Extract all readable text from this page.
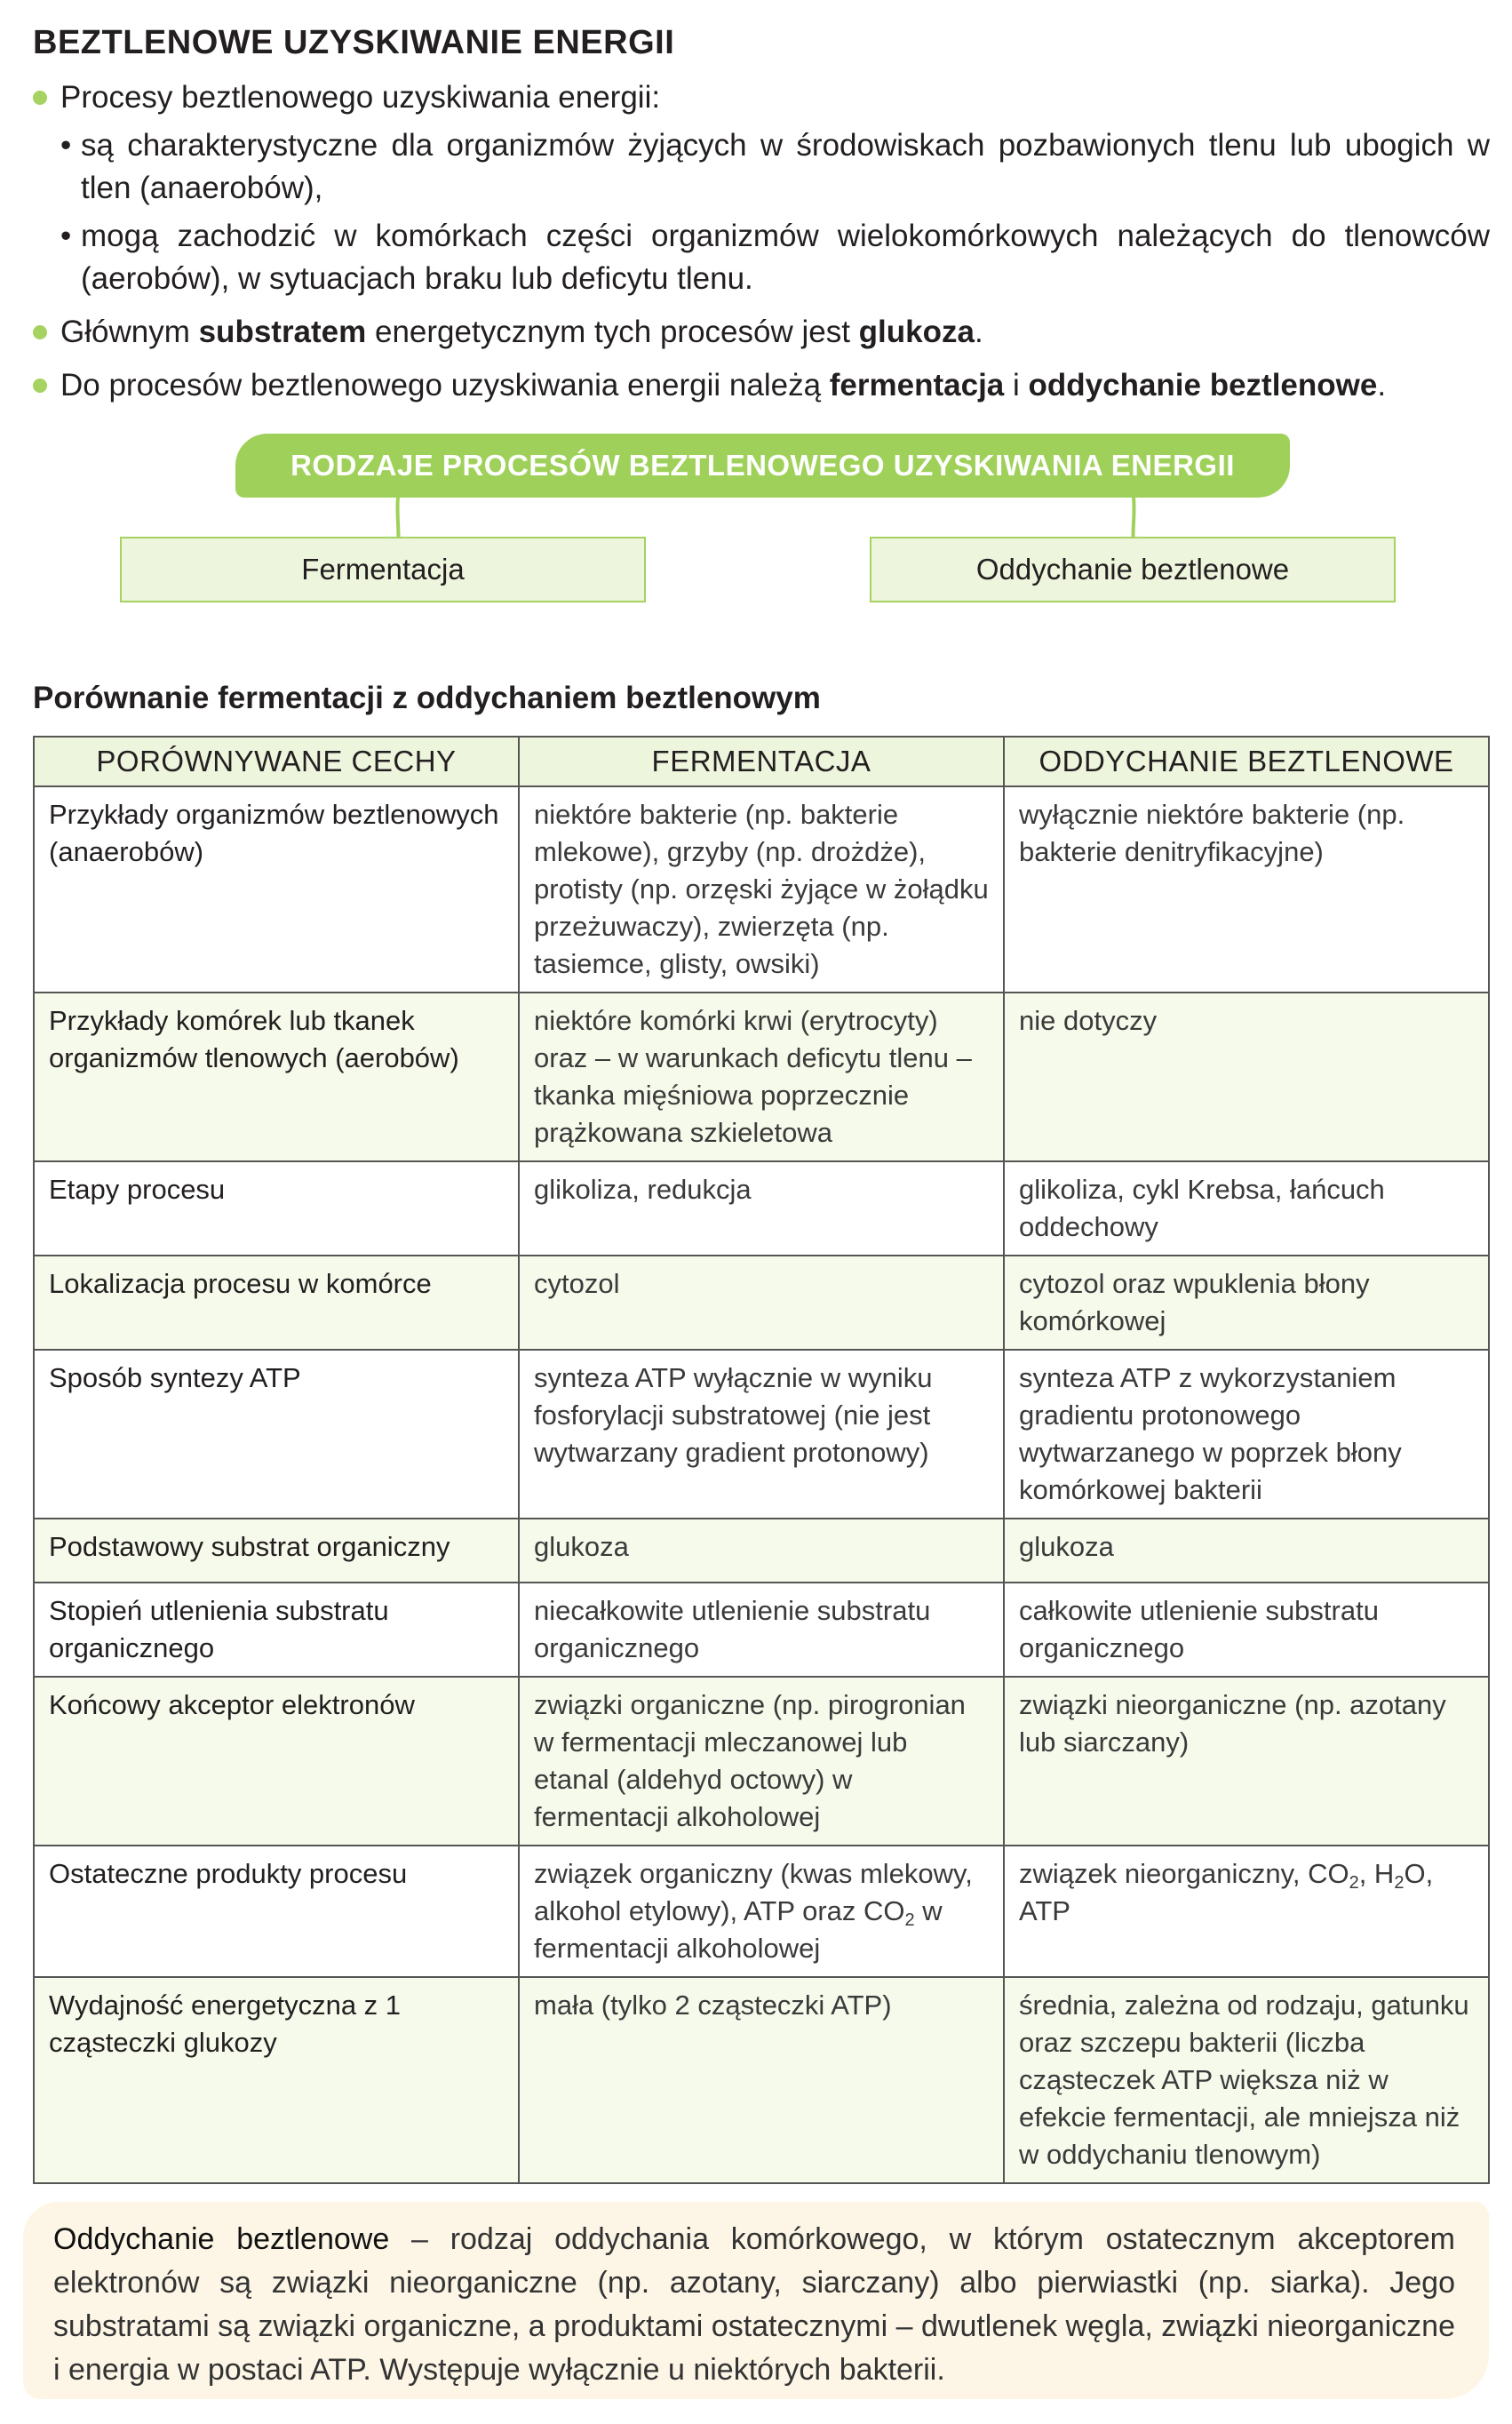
BEZTLENOWE UZYSKIWANIE ENERGII
Procesy beztlenowego uzyskiwania energii:
• są charakterystyczne dla organizmów żyjących w środowiskach pozbawionych tlenu lub ubogich w tlen (anaerobów),
• mogą zachodzić w komórkach części organizmów wielokomórkowych należących do tlenowców (aerobów), w sytuacjach braku lub deficytu tlenu.
Głównym substratem energetycznym tych procesów jest glukoza.
Do procesów beztlenowego uzyskiwania energii należą fermentacja i oddychanie beztlenowe.
RODZAJE PROCESÓW BEZTLENOWEGO UZYSKIWANIA ENERGII
Fermentacja	Oddychanie beztlenowe
Porównanie fermentacji z oddychaniem beztlenowym
PORÓWNYWANE CECHY	FERMENTACJA	ODDYCHANIE BEZTLENOWE
Przykłady organizmów beztlenowych (anaerobów)	niektóre bakterie (np. bakterie mlekowe), grzyby (np. drożdże), protisty (np. orzęski żyjące w żołądku przeżuwaczy), zwierzęta (np. tasiemce, glisty, owsiki)	wyłącznie niektóre bakterie (np. bakterie denitryfikacyjne)
Przykłady komórek lub tkanek organizmów tlenowych (aerobów)	niektóre komórki krwi (erytrocyty) oraz – w warunkach deficytu tlenu – tkanka mięśniowa poprzecznie prążkowana szkieletowa	nie dotyczy
Etapy procesu	glikoliza, redukcja	glikoliza, cykl Krebsa, łańcuch oddechowy
Lokalizacja procesu w komórce	cytozol	cytozol oraz wpuklenia błony komórkowej
Sposób syntezy ATP	synteza ATP wyłącznie w wyniku fosforylacji substratowej (nie jest wytwarzany gradient protonowy)	synteza ATP z wykorzystaniem gradientu protonowego wytwarzanego w poprzek błony komórkowej bakterii
Podstawowy substrat organiczny	glukoza	glukoza
Stopień utlenienia substratu organicznego	niecałkowite utlenienie substratu organicznego	całkowite utlenienie substratu organicznego
Końcowy akceptor elektronów	związki organiczne (np. pirogronian w fermentacji mleczanowej lub etanal (aldehyd octowy) w fermentacji alkoholowej	związki nieorganiczne (np. azotany lub siarczany)
Ostateczne produkty procesu	związek organiczny (kwas mlekowy, alkohol etylowy), ATP oraz $CO_2$ w fermentacji alkoholowej	związek nieorganiczny, $CO_2$, $H_2O$, ATP
Wydajność energetyczna z 1 cząsteczki glukozy	mała (tylko 2 cząsteczki ATP)	średnia, zależna od rodzaju, gatunku oraz szczepu bakterii (liczba cząsteczek ATP większa niż w efekcie fermentacji, ale mniejsza niż w oddychaniu tlenowym)
Oddychanie beztlenowe – rodzaj oddychania komórkowego, w którym ostatecznym akceptorem elektronów są związki nieorganiczne (np. azotany, siarczany) albo pierwiastki (np. siarka). Jego substratami są związki organiczne, a produktami ostatecznymi – dwutlenek węgla, związki nieorganiczne i energia w postaci ATP. Występuje wyłącznie u niektórych bakterii.
